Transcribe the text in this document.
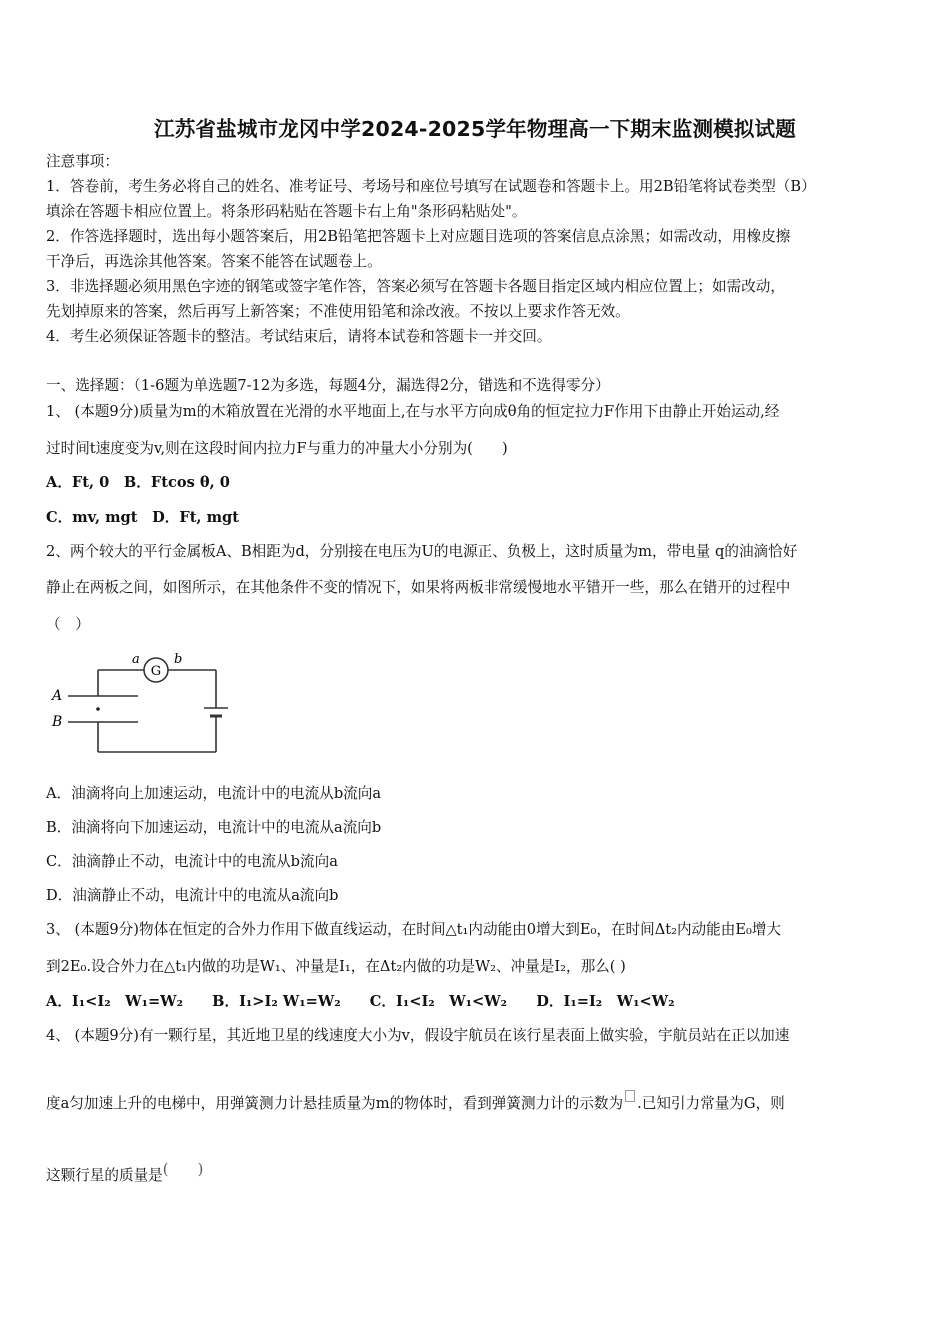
江苏省盐城市龙冈中学2024-2025学年物理高一下期末监测模拟试题
注意事项：
1．答卷前，考生务必将自己的姓名、准考证号、考场号和座位号填写在试题卷和答题卡上。用2B铅笔将试卷类型（B）
填涂在答题卡相应位置上。将条形码粘贴在答题卡右上角"条形码粘贴处"。
2．作答选择题时，选出每小题答案后，用2B铅笔把答题卡上对应题目选项的答案信息点涂黑；如需改动，用橡皮擦
干净后，再选涂其他答案。答案不能答在试题卷上。
3．非选择题必须用黑色字迹的钢笔或签字笔作答，答案必须写在答题卡各题目指定区域内相应位置上；如需改动，
先划掉原来的答案，然后再写上新答案；不准使用铅笔和涂改液。不按以上要求作答无效。
4．考生必须保证答题卡的整洁。考试结束后，请将本试卷和答题卡一并交回。
一、选择题：（1-6题为单选题7-12为多选，每题4分，漏选得2分，错选和不选得零分）
1、 (本题9分)质量为m的木箱放置在光滑的水平地面上,在与水平方向成θ角的恒定拉力F作用下由静止开始运动,经
过时间t速度变为v,则在这段时间内拉力F与重力的冲量大小分别为(　　)
A．Ft, 0　B．Ftcos θ, 0
C．mv, mgt　D．Ft, mgt
2、两个较大的平行金属板A、B相距为d，分别接在电压为U的电源正、负极上，这时质量为m，带电量 q的油滴恰好
静止在两板之间，如图所示，在其他条件不变的情况下，如果将两板非常缓慢地水平错开一些，那么在错开的过程中
（　）
G
a	b
A
B
A．油滴将向上加速运动，电流计中的电流从b流向a
B．油滴将向下加速运动，电流计中的电流从a流向b
C．油滴静止不动，电流计中的电流从b流向a
D．油滴静止不动，电流计中的电流从a流向b
3、 (本题9分)物体在恒定的合外力作用下做直线运动，在时间△t₁内动能由0增大到E₀，在时间Δt₂内动能由E₀增大
到2E₀.设合外力在△t₁内做的功是W₁、冲量是I₁，在Δt₂内做的功是W₂、冲量是I₂，那么( )
A．I₁<I₂　W₁=W₂　　B．I₁>I₂ W₁=W₂　　C．I₁<I₂　W₁<W₂　　D．I₁=I₂　W₁<W₂
4、 (本题9分)有一颗行星，其近地卫星的线速度大小为v，假设宇航员在该行星表面上做实验，宇航员站在正以加速
度a匀加速上升的电梯中，用弹簧测力计悬挂质量为m的物体时，看到弹簧测力计的示数为 .已知引力常量为G，则
这颗行星的质量是(　　)
